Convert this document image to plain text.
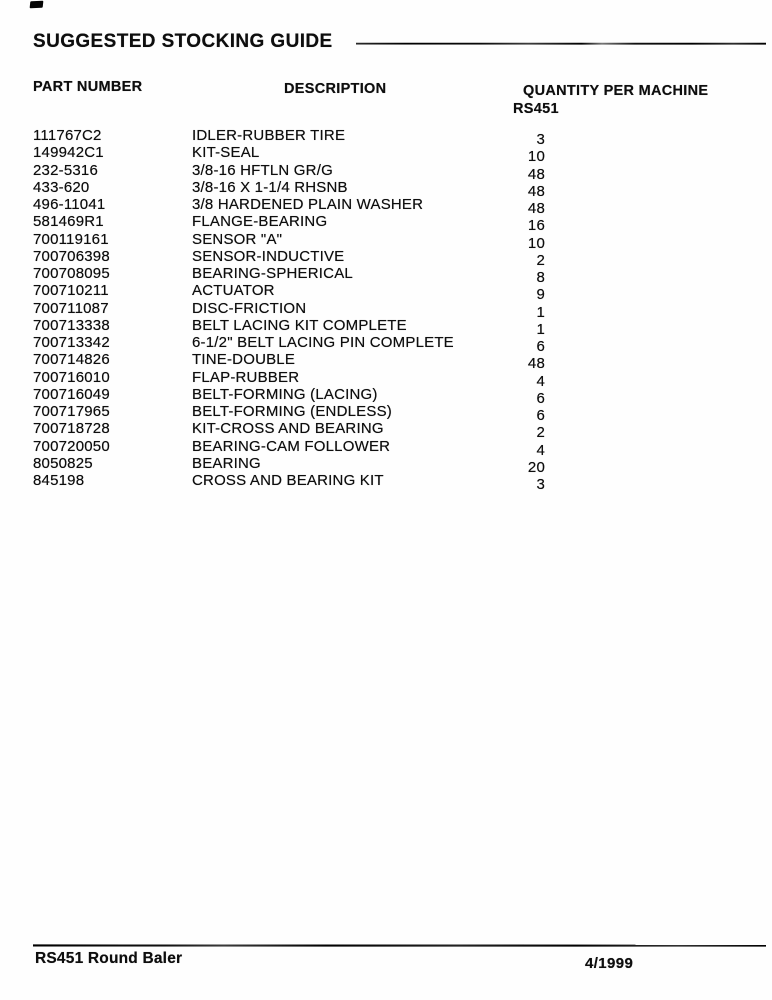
SUGGESTED STOCKING GUIDE
PART NUMBER	DESCRIPTION	QUANTITY PER MACHINE
RS451
111767C2	IDLER-RUBBER TIRE	3
149942C1	KIT-SEAL	10
232-5316	3/8-16 HFTLN GR/G	48
433-620	3/8-16 X 1-1/4 RHSNB	48
496-11041	3/8 HARDENED PLAIN WASHER	48
581469R1	FLANGE-BEARING	16
700119161	SENSOR "A"	10
700706398	SENSOR-INDUCTIVE	2
700708095	BEARING-SPHERICAL	8
700710211	ACTUATOR	9
700711087	DISC-FRICTION	1
700713338	BELT LACING KIT COMPLETE	1
700713342	6-1/2" BELT LACING PIN COMPLETE	6
700714826	TINE-DOUBLE	48
700716010	FLAP-RUBBER	4
700716049	BELT-FORMING (LACING)	6
700717965	BELT-FORMING (ENDLESS)	6
700718728	KIT-CROSS AND BEARING	2
700720050	BEARING-CAM FOLLOWER	4
8050825	BEARING	20
845198	CROSS AND BEARING KIT	3
RS451 Round Baler	4/1999
